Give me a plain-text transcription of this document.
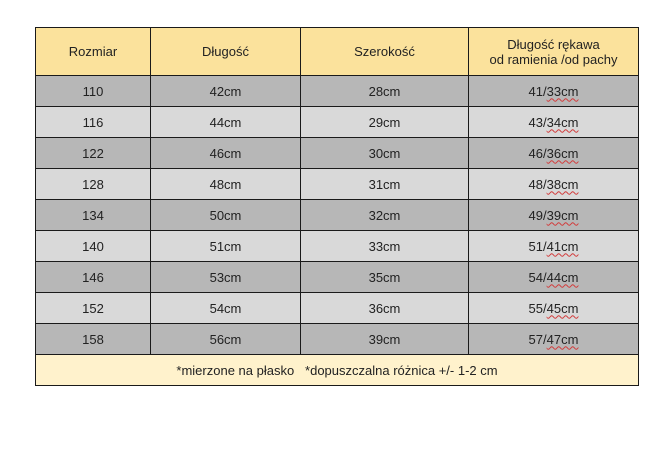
Rozmiar	Długość	Szerokość	Długość rękawa
od ramienia /od pachy

110	42cm	28cm	41/33cm
116	44cm	29cm	43/34cm
122	46cm	30cm	46/36cm
128	48cm	31cm	48/38cm
134	50cm	32cm	49/39cm
140	51cm	33cm	51/41cm
146	53cm	35cm	54/44cm
152	54cm	36cm	55/45cm
158	56cm	39cm	57/47cm
*mierzone na płasko   *dopuszczalna różnica +/- 1-2 cm			
